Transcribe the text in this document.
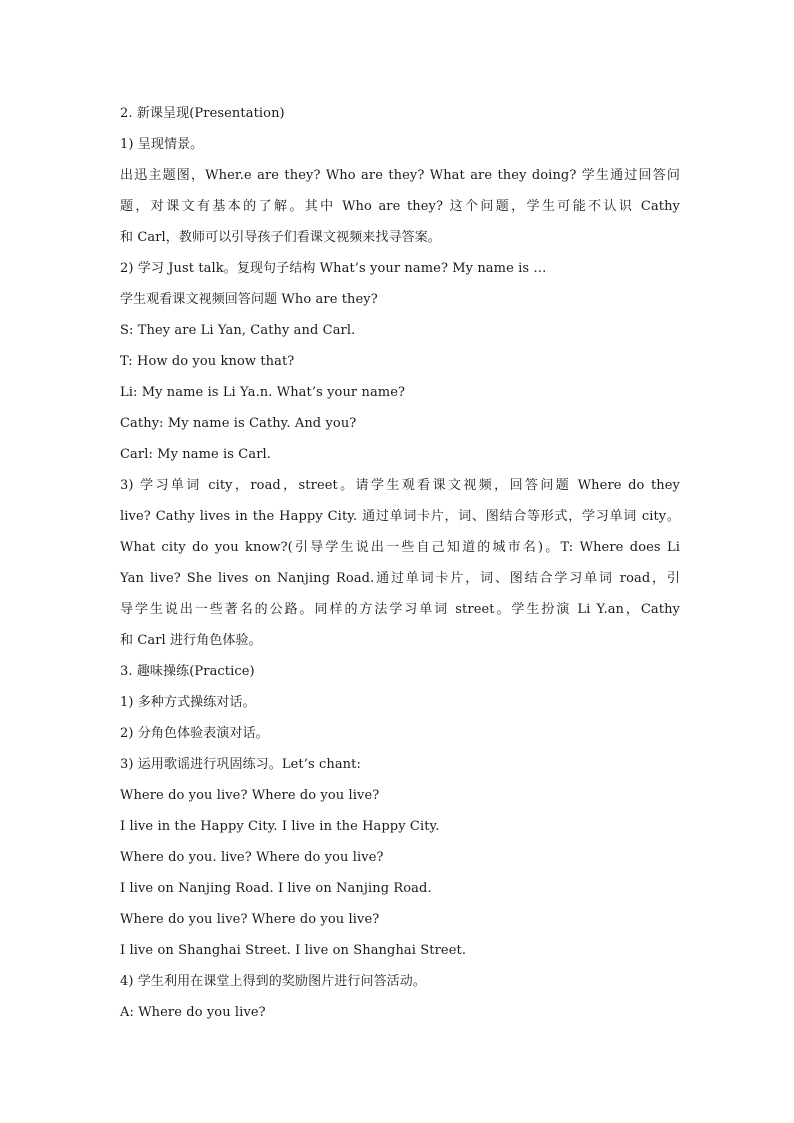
2. 新课呈现(Presentation)
1) 呈现情景。
出迅主题图，Wher.e are they? Who are they? What are they doing? 学生通过回答问
题，对课文有基本的了解。其中 Who are they? 这个问题，学生可能不认识 Cathy
和 Carl，教师可以引导孩子们看课文视频来找寻答案。
2) 学习 Just talk。复现句子结构 What’s your name? My name is …
学生观看课文视频回答问题 Who are they?
S: They are Li Yan, Cathy and Carl.
T: How do you know that?
Li: My name is Li Ya.n. What’s your name?
Cathy: My name is Cathy. And you?
Carl: My name is Carl.
3) 学习单词 city，road，street。请学生观看课文视频，回答问题 Where do they
live? Cathy lives in the Happy City. 通过单词卡片，词、图结合等形式，学习单词 city。
What city do you know?(引导学生说出一些自己知道的城市名)。T: Where does Li
Yan live? She lives on Nanjing Road.通过单词卡片，词、图结合学习单词 road，引
导学生说出一些著名的公路。同样的方法学习单词 street。学生扮演 Li Y.an，Cathy
和 Carl 进行角色体验。
3. 趣味操练(Practice)
1) 多种方式操练对话。
2) 分角色体验表演对话。
3) 运用歌谣进行巩固练习。Let’s chant:
Where do you live? Where do you live?
I live in the Happy City. I live in the Happy City.
Where do you. live? Where do you live?
I live on Nanjing Road. I live on Nanjing Road.
Where do you live? Where do you live?
I live on Shanghai Street. I live on Shanghai Street.
4) 学生利用在课堂上得到的奖励图片进行问答活动。
A: Where do you live?
